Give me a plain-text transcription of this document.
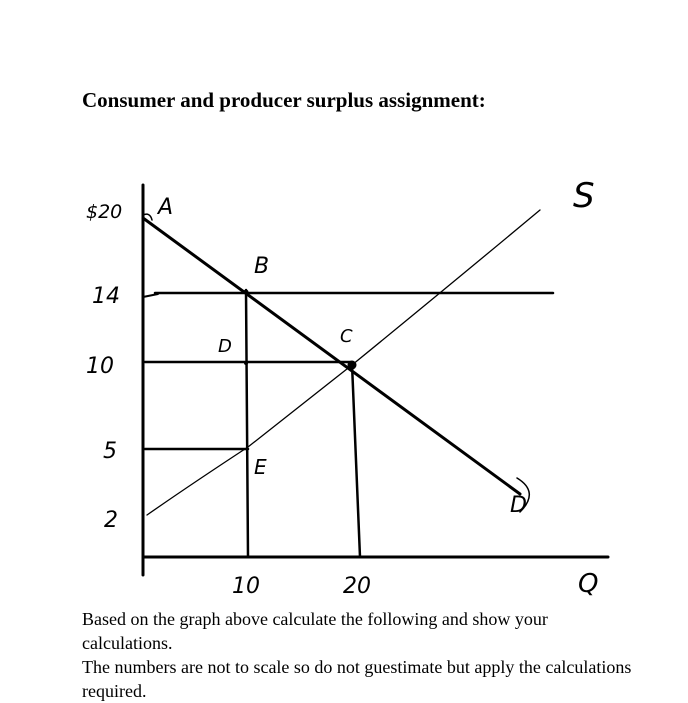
Consumer and producer surplus assignment:
$20
14
10
5
2
10	20	Q
S
D
A
B
C
D
E

Based on the graph above calculate the following and show your calculations.

The numbers are not to scale so do not guestimate but apply the calculations required.
